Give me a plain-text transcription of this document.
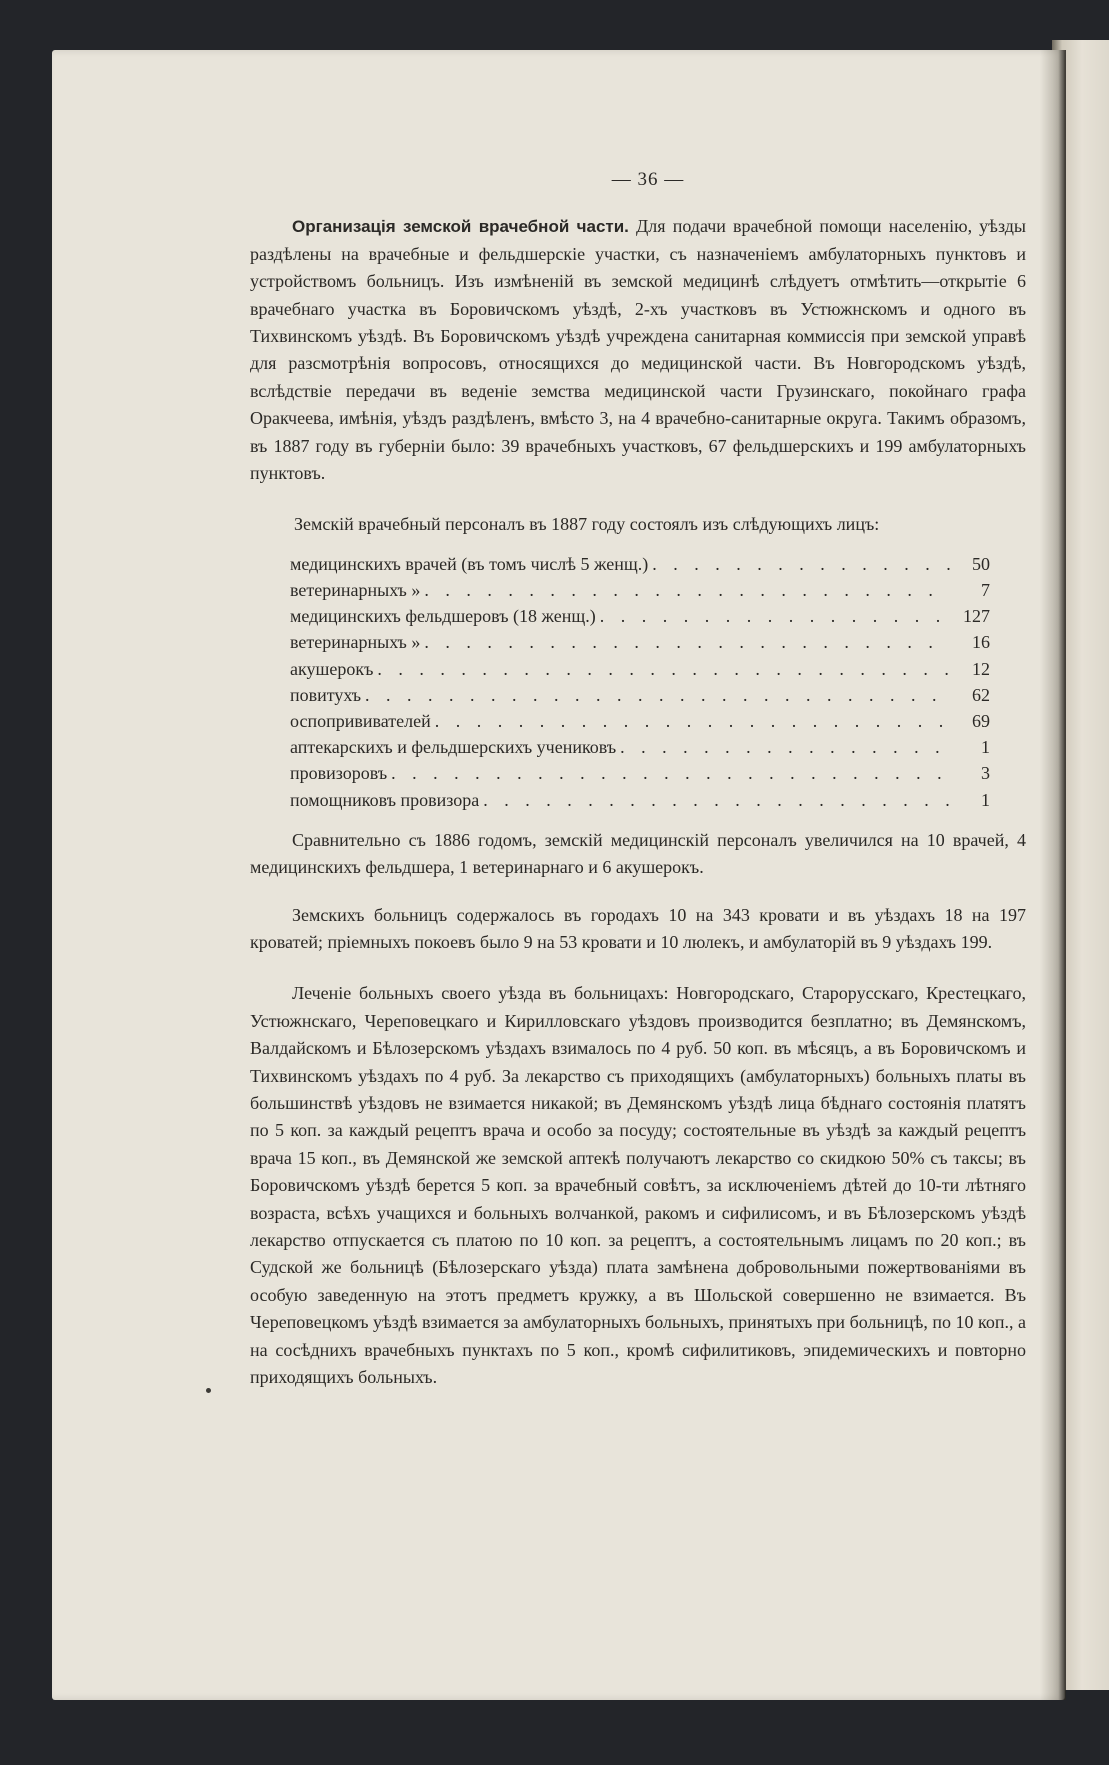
— 36 —

Организація земской врачебной части. Для подачи врачебной помощи населенію, уѣзды раздѣлены на врачебные и фельдшерскіе участки, съ назначеніемъ амбулаторныхъ пунктовъ и устройствомъ больницъ. Изъ измѣненій въ земской медицинѣ слѣдуетъ отмѣтить—открытіе 6 врачебнаго участка въ Боровичскомъ уѣздѣ, 2-хъ участковъ въ Устюжнскомъ и одного въ Тихвинскомъ уѣздѣ. Въ Боровичскомъ уѣздѣ учреждена санитарная коммиссія при земской управѣ для разсмотрѣнія вопросовъ, относящихся до медицинской части. Въ Новгородскомъ уѣздѣ, вслѣдствіе передачи въ веденіе земства медицинской части Грузинскаго, покойнаго графа Оракчеева, имѣнія, уѣздъ раздѣленъ, вмѣсто 3, на 4 врачебно-санитарные округа. Такимъ образомъ, въ 1887 году въ губерніи было: 39 врачебныхъ участковъ, 67 фельдшерскихъ и 199 амбулаторныхъ пунктовъ.

Земскій врачебный персоналъ въ 1887 году состоялъ изъ слѣдующихъ лицъ:

медицинскихъ врачей (въ томъ числѣ 5 женщ.) . . .	50
ветеринарныхъ » . . .	7
медицинскихъ фельдшеровъ (18 женщ.) . . .	127
ветеринарныхъ » . . .	16
акушерокъ . . .	12
повитухъ . . .	62
оспопрививателей . . .	69
аптекарскихъ и фельдшерскихъ учениковъ . . .	1
провизоровъ . . .	3
помощниковъ провизора . . .	1

Сравнительно съ 1886 годомъ, земскій медицинскій персоналъ увеличился на 10 врачей, 4 медицинскихъ фельдшера, 1 ветеринарнаго и 6 акушерокъ.

Земскихъ больницъ содержалось въ городахъ 10 на 343 кровати и въ уѣздахъ 18 на 197 кроватей; пріемныхъ покоевъ было 9 на 53 кровати и 10 люлекъ, и амбулаторій въ 9 уѣздахъ 199.

Леченіе больныхъ своего уѣзда въ больницахъ: Новгородскаго, Старорусскаго, Крестецкаго, Устюжнскаго, Череповецкаго и Кирилловскаго уѣздовъ производится безплатно; въ Демянскомъ, Валдайскомъ и Бѣлозерскомъ уѣздахъ взималось по 4 руб. 50 коп. въ мѣсяцъ, а въ Боровичскомъ и Тихвинскомъ уѣздахъ по 4 руб. За лекарство съ приходящихъ (амбулаторныхъ) больныхъ платы въ большинствѣ уѣздовъ не взимается никакой; въ Демянскомъ уѣздѣ лица бѣднаго состоянія платятъ по 5 коп. за каждый рецептъ врача и особо за посуду; состоятельные въ уѣздѣ за каждый рецептъ врача 15 коп., въ Демянской же земской аптекѣ получаютъ лекарство со скидкою 50% съ таксы; въ Боровичскомъ уѣздѣ берется 5 коп. за врачебный совѣтъ, за исключеніемъ дѣтей до 10-ти лѣтняго возраста, всѣхъ учащихся и больныхъ волчанкой, ракомъ и сифилисомъ, и въ Бѣлозерскомъ уѣздѣ лекарство отпускается съ платою по 10 коп. за рецептъ, а состоятельнымъ лицамъ по 20 коп.; въ Судской же больницѣ (Бѣлозерскаго уѣзда) плата замѣнена добровольными пожертвованіями въ особую заведенную на этотъ предметъ кружку, а въ Шольской совершенно не взимается. Въ Череповецкомъ уѣздѣ взимается за амбулаторныхъ больныхъ, принятыхъ при больницѣ, по 10 коп., а на сосѣднихъ врачебныхъ пунктахъ по 5 коп., кромѣ сифилитиковъ, эпидемическихъ и повторно приходящихъ больныхъ.
